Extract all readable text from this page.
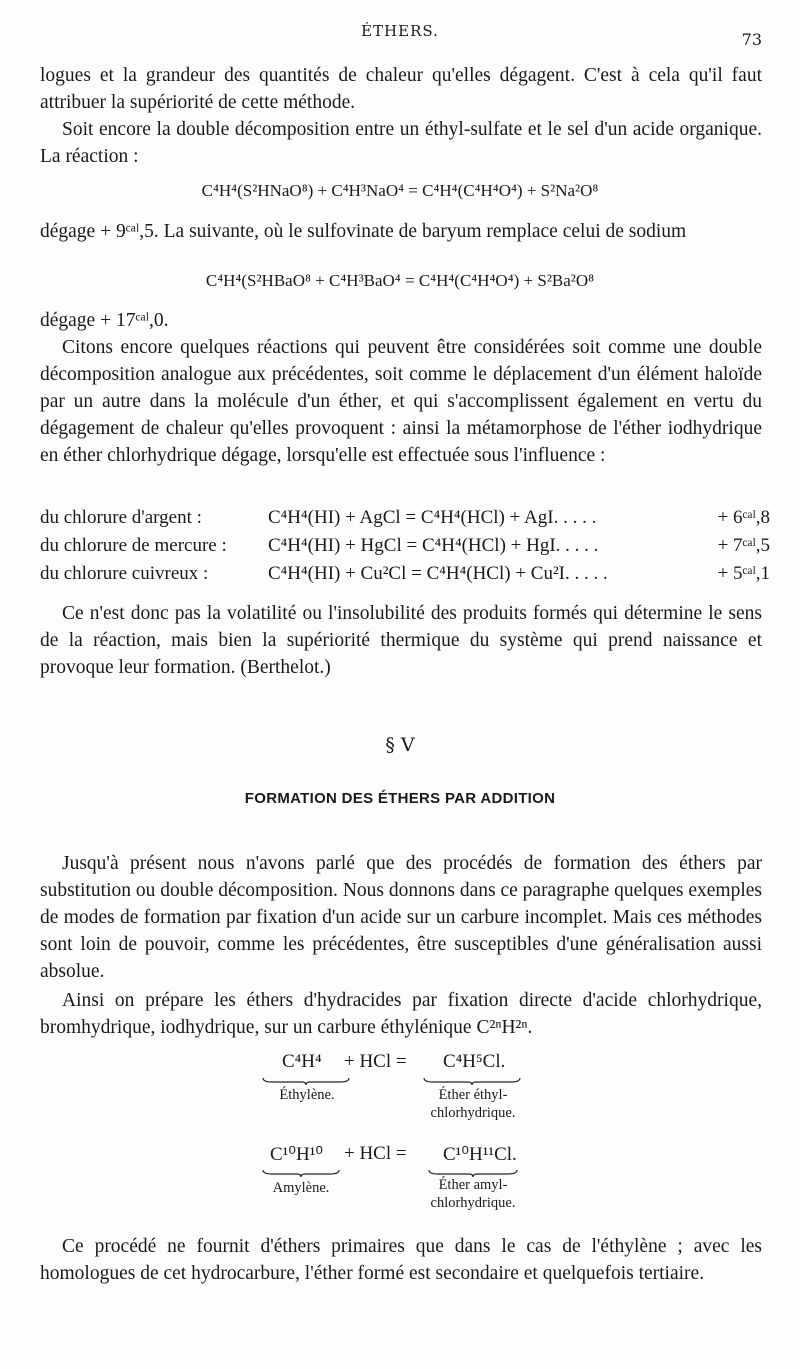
ÉTHERS.	73
logues et la grandeur des quantités de chaleur qu'elles dégagent. C'est à cela qu'il faut attribuer la supériorité de cette méthode.
Soit encore la double décomposition entre un éthyl-sulfate et le sel d'un acide organique. La réaction :
C⁴H⁴(S²HNaO⁸) + C⁴H³NaO⁴ = C⁴H⁴(C⁴H⁴O⁴) + S²Na²O⁸
dégage + 9ᶜᵃˡ,5. La suivante, où le sulfovinate de baryum remplace celui de sodium
C⁴H⁴(S²HBaO⁸ + C⁴H³BaO⁴ = C⁴H⁴(C⁴H⁴O⁴) + S²Ba²O⁸
dégage + 17ᶜᵃˡ,0.
Citons encore quelques réactions qui peuvent être considérées soit comme une double décomposition analogue aux précédentes, soit comme le déplacement d'un élément haloïde par un autre dans la molécule d'un éther, et qui s'accomplissent également en vertu du dégagement de chaleur qu'elles provoquent : ainsi la métamorphose de l'éther iodhydrique en éther chlorhydrique dégage, lorsqu'elle est effectuée sous l'influence :
du chlorure d'argent :	C⁴H⁴(HI) + AgCl = C⁴H⁴(HCl) + AgI. . . . .	+ 6ᶜᵃˡ,8
du chlorure de mercure : C⁴H⁴(HI) + HgCl = C⁴H⁴(HCl) + HgI. . . . .	+ 7ᶜᵃˡ,5
du chlorure cuivreux :	C⁴H⁴(HI) + Cu²Cl = C⁴H⁴(HCl) + Cu²I. . . . .	+ 5ᶜᵃˡ,1
Ce n'est donc pas la volatilité ou l'insolubilité des produits formés qui détermine le sens de la réaction, mais bien la supériorité thermique du système qui prend naissance et provoque leur formation. (Berthelot.)
§ V
FORMATION DES ÉTHERS PAR ADDITION
Jusqu'à présent nous n'avons parlé que des procédés de formation des éthers par substitution ou double décomposition. Nous donnons dans ce paragraphe quelques exemples de modes de formation par fixation d'un acide sur un carbure incomplet. Mais ces méthodes sont loin de pouvoir, comme les précédentes, être susceptibles d'une généralisation aussi absolue.
Ainsi on prépare les éthers d'hydracides par fixation directe d'acide chlorhydrique, bromhydrique, iodhydrique, sur un carbure éthylénique C²ⁿH²ⁿ.
C⁴H⁴ + HCl = C⁴H⁵Cl.
Éthylène.	Éther éthyl-
chlorhydrique.
C¹⁰H¹⁰ + HCl = C¹⁰H¹¹Cl.
Amylène.	Éther amyl-
chlorhydrique.
Ce procédé ne fournit d'éthers primaires que dans le cas de l'éthylène ; avec les homologues de cet hydrocarbure, l'éther formé est secondaire et quelquefois tertiaire.
